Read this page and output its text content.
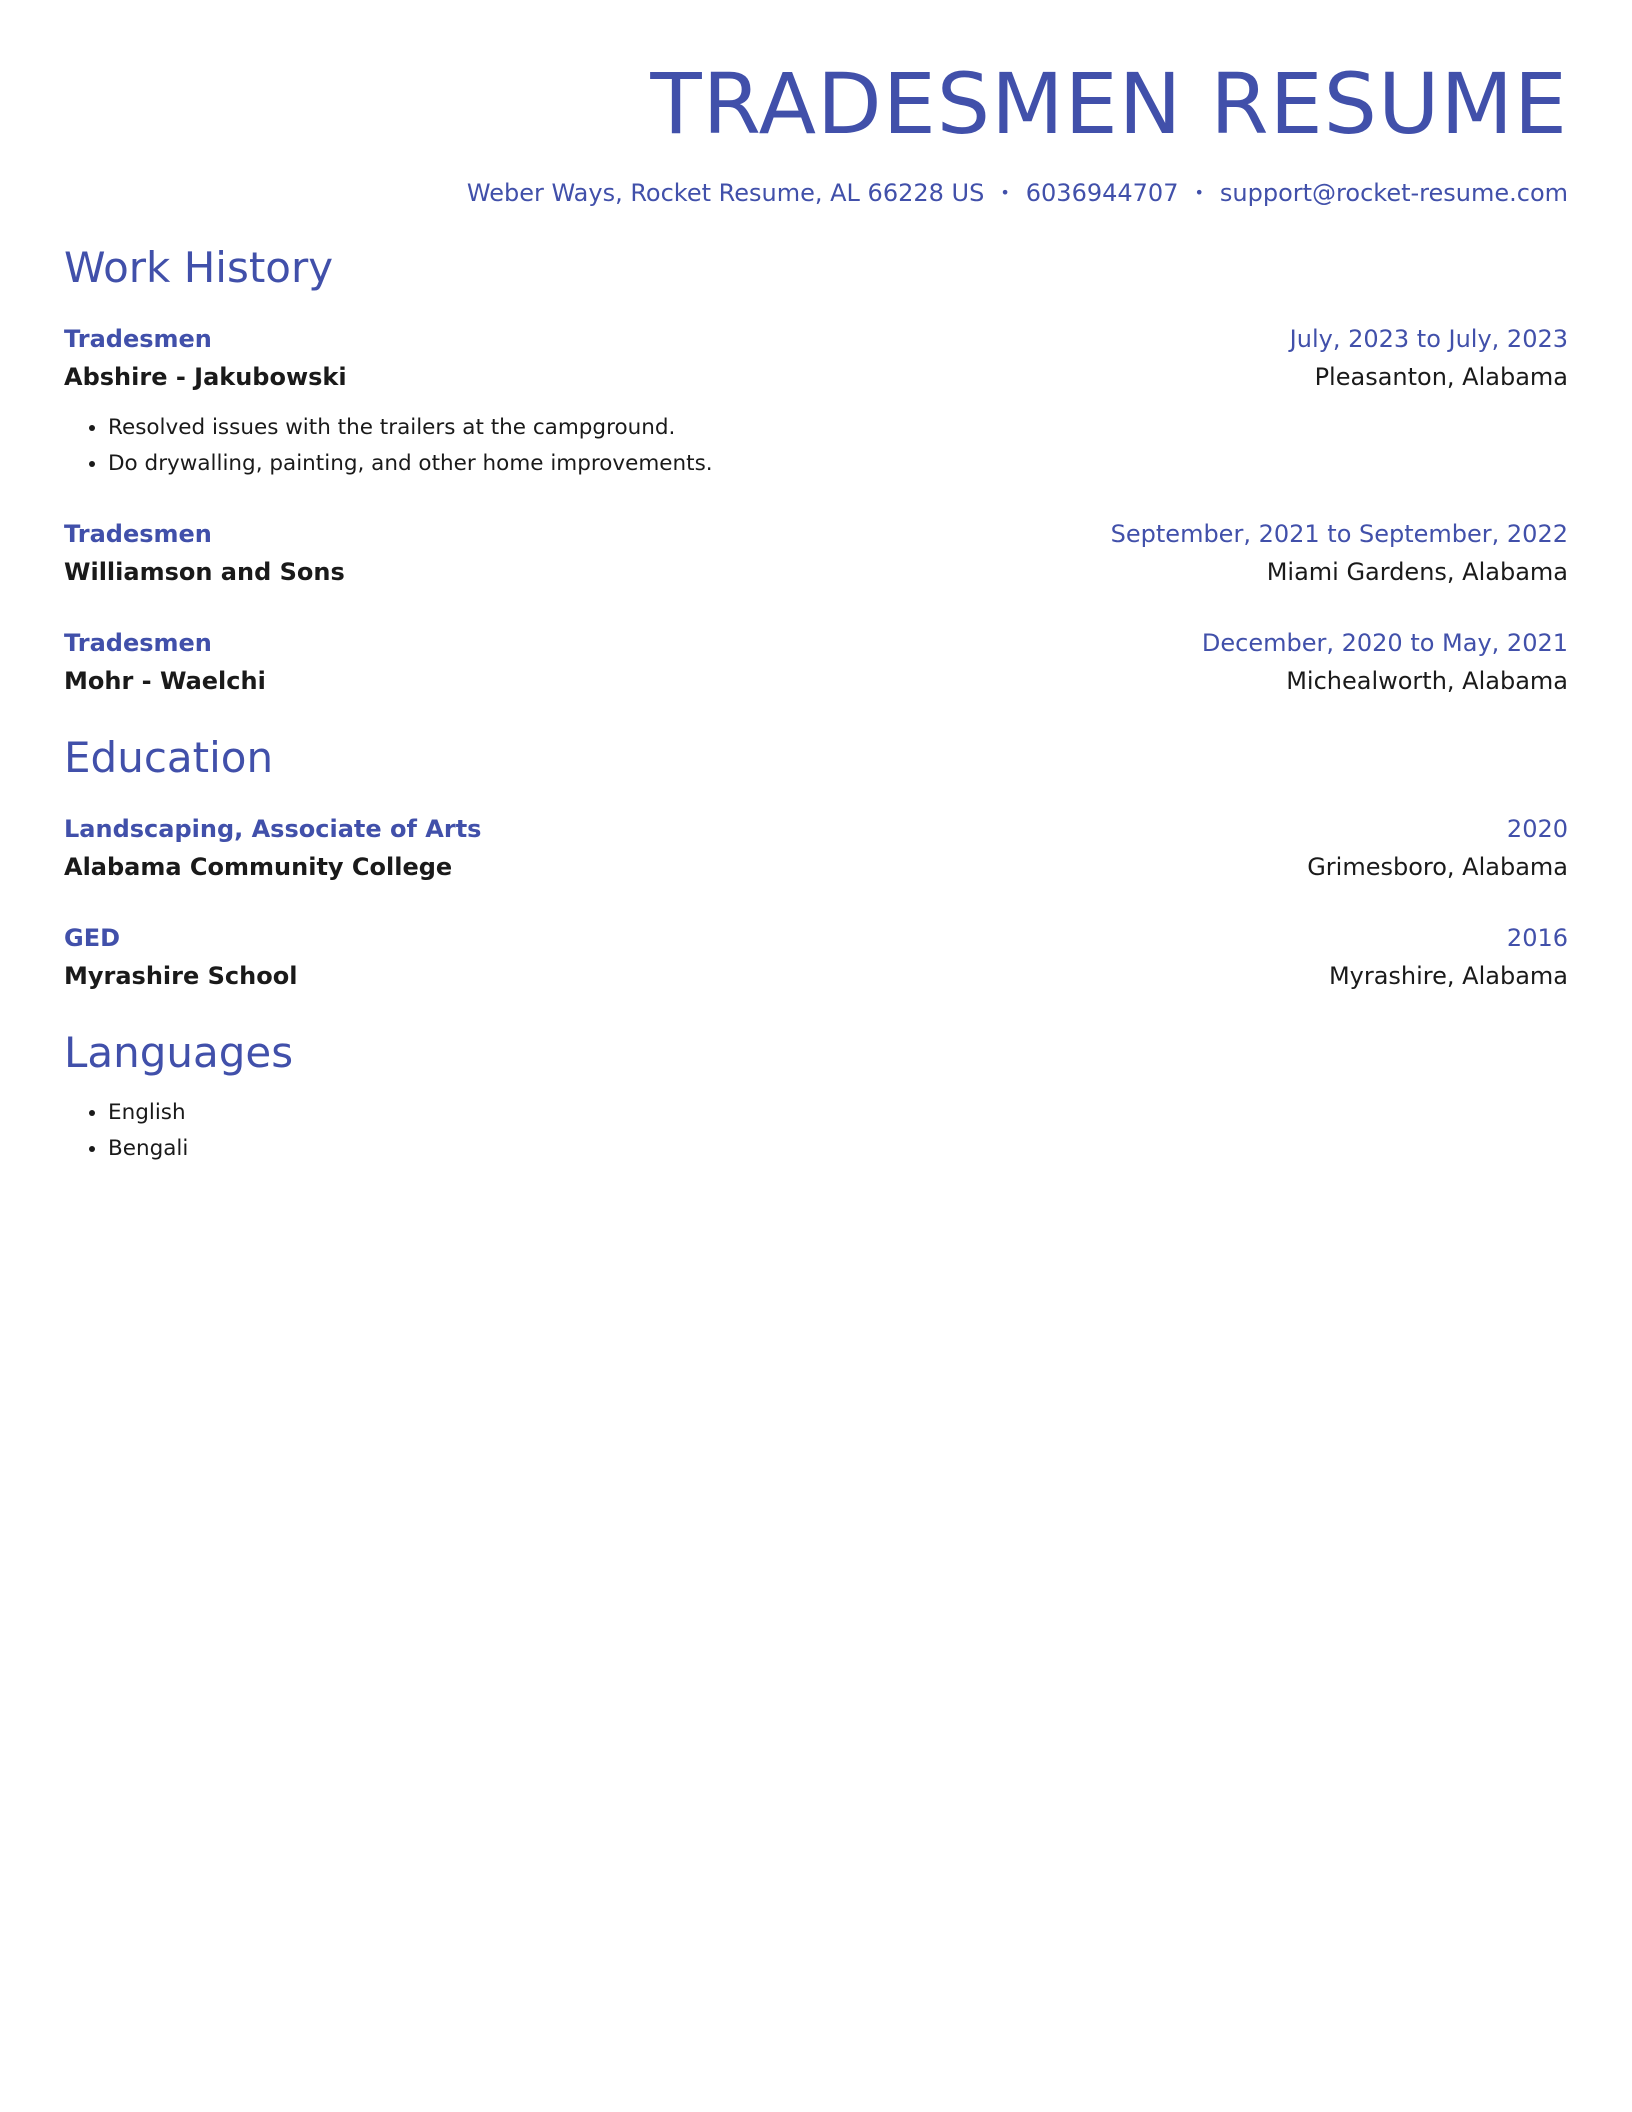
TRADESMEN RESUME
Weber Ways, Rocket Resume, AL 66228 US • 6036944707 • support@rocket-resume.com
Work History
Tradesmen	July, 2023 to July, 2023
Abshire - Jakubowski	Pleasanton, Alabama
• Resolved issues with the trailers at the campground.
• Do drywalling, painting, and other home improvements.
Tradesmen	September, 2021 to September, 2022
Williamson and Sons	Miami Gardens, Alabama
Tradesmen	December, 2020 to May, 2021
Mohr - Waelchi	Michealworth, Alabama
Education
Landscaping, Associate of Arts	2020
Alabama Community College	Grimesboro, Alabama
GED	2016
Myrashire School	Myrashire, Alabama
Languages
• English
• Bengali
